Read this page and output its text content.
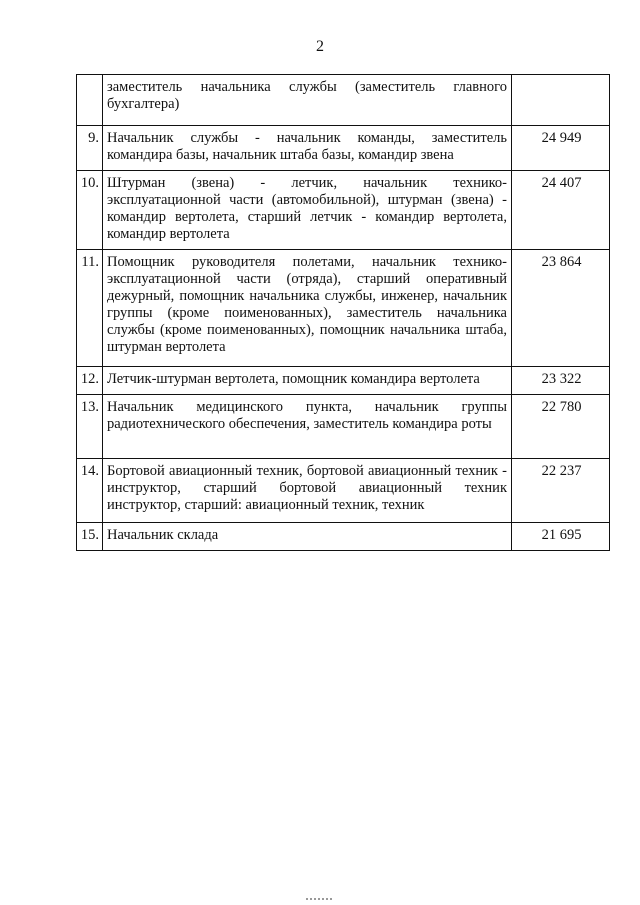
2

	заместитель начальника службы (заместитель главного бухгалтера)	

9.	Начальник службы - начальник команды, заместитель командира базы, начальник штаба базы, командир звена	24 949
10.	Штурман (звена) - летчик, начальник технико-эксплуатационной части (автомобильной), штурман (звена) - командир вертолета, старший летчик - командир вертолета, командир вертолета	24 407
11.	Помощник руководителя полетами, начальник технико-эксплуатационной части (отряда), старший оперативный дежурный, помощник начальника службы, инженер, начальник группы (кроме поименованных), заместитель начальника службы (кроме поименованных), помощник начальника штаба, штурман вертолета	23 864
12.	Летчик-штурман вертолета, помощник командира вертолета	23 322
13.	Начальник медицинского пункта, начальник группы радиотехнического обеспечения, заместитель командира роты	22 780
14.	Бортовой авиационный техник, бортовой авиационный техник - инструктор, старший бортовой авиационный техник инструктор, старший: авиационный техник, техник	22 237
15.	Начальник склада	21 695
